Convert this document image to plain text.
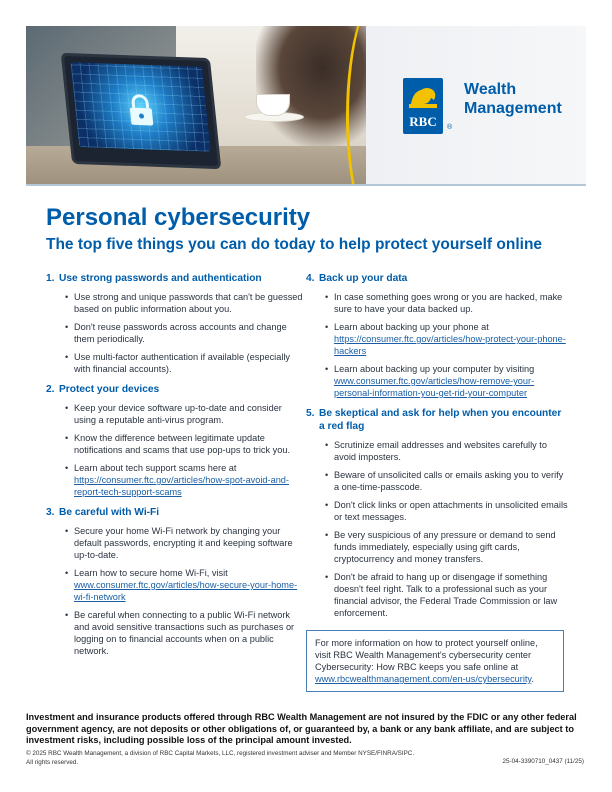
RBC	®
Wealth
Management
Personal cybersecurity
The top five things you can do today to help protect yourself online
1. Use strong passwords and authentication
• Use strong and unique passwords that can't be guessed based on public information about you.
• Don't reuse passwords across accounts and change them periodically.
• Use multi-factor authentication if available (especially with financial accounts).
2. Protect your devices
• Keep your device software up-to-date and consider using a reputable anti-virus program.
• Know the difference between legitimate update notifications and scams that use pop-ups to trick you.
• Learn about tech support scams here at https://consumer.ftc.gov/articles/how-spot-avoid-and-report-tech-support-scams
3. Be careful with Wi-Fi
• Secure your home Wi-Fi network by changing your default passwords, encrypting it and keeping software up-to-date.
• Learn how to secure home Wi-Fi, visit www.consumer.ftc.gov/articles/how-secure-your-home-wi-fi-network
• Be careful when connecting to a public Wi-Fi network and avoid sensitive transactions such as purchases or logging on to financial accounts when on a public network.
4. Back up your data
• In case something goes wrong or you are hacked, make sure to have your data backed up.
• Learn about backing up your phone at https://consumer.ftc.gov/articles/how-protect-your-phone-hackers
• Learn about backing up your computer by visiting www.consumer.ftc.gov/articles/how-remove-your-personal-information-you-get-rid-your-computer
5. Be skeptical and ask for help when you encounter a red flag
• Scrutinize email addresses and websites carefully to avoid imposters.
• Beware of unsolicited calls or emails asking you to verify a one-time-passcode.
• Don't click links or open attachments in unsolicited emails or text messages.
• Be very suspicious of any pressure or demand to send funds immediately, especially using gift cards, cryptocurrency and money transfers.
• Don't be afraid to hang up or disengage if something doesn't feel right. Talk to a professional such as your financial advisor, the Federal Trade Commission or law enforcement.
For more information on how to protect yourself online, visit RBC Wealth Management's cybersecurity center Cybersecurity: How RBC keeps you safe online at www.rbcwealthmanagement.com/en-us/cybersecurity.
Investment and insurance products offered through RBC Wealth Management are not insured by the FDIC or any other federal government agency, are not deposits or other obligations of, or guaranteed by, a bank or any bank affiliate, and are subject to investment risks, including possible loss of the principal amount invested.
© 2025 RBC Wealth Management, a division of RBC Capital Markets, LLC, registered investment adviser and Member NYSE/FINRA/SIPC.
All rights reserved.	25-04-3390710_0437 (11/25)
